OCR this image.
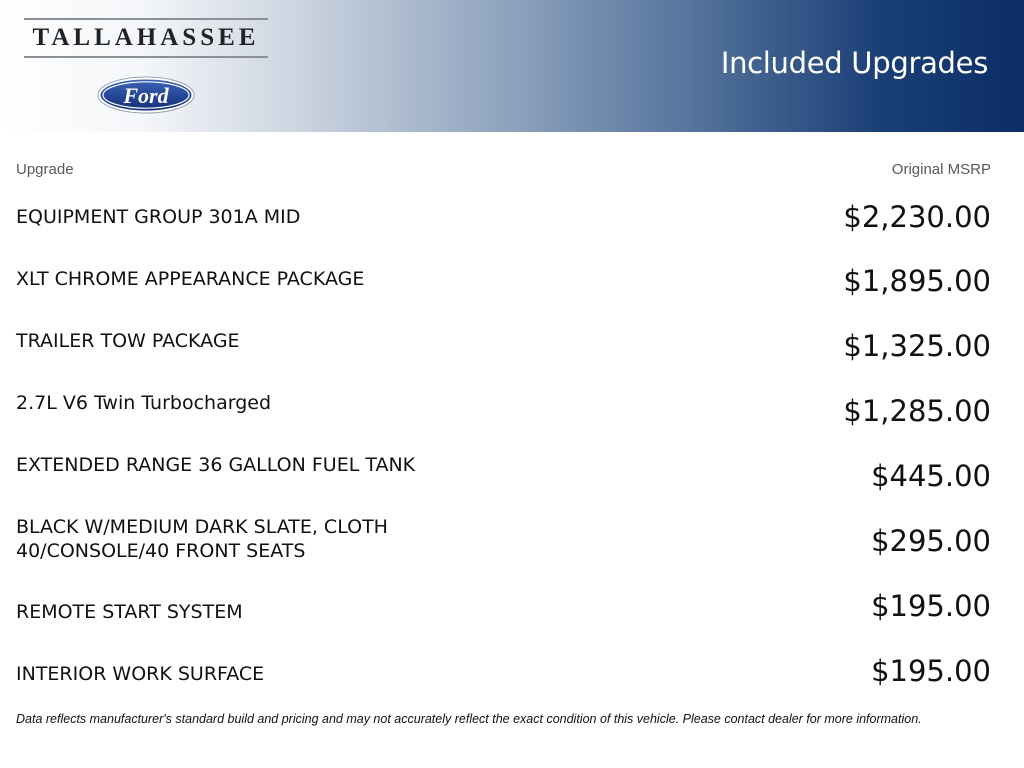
TALLAHASSEE
Ford
Included Upgrades
Upgrade	Original MSRP
EQUIPMENT GROUP 301A MID	$2,230.00
XLT CHROME APPEARANCE PACKAGE	$1,895.00
TRAILER TOW PACKAGE	$1,325.00
2.7L V6 Twin Turbocharged	$1,285.00
EXTENDED RANGE 36 GALLON FUEL TANK	$445.00
BLACK W/MEDIUM DARK SLATE, CLOTH
40/CONSOLE/40 FRONT SEATS	$295.00
REMOTE START SYSTEM	$195.00
INTERIOR WORK SURFACE	$195.00
Data reflects manufacturer's standard build and pricing and may not accurately reflect the exact condition of this vehicle. Please contact dealer for more information.
